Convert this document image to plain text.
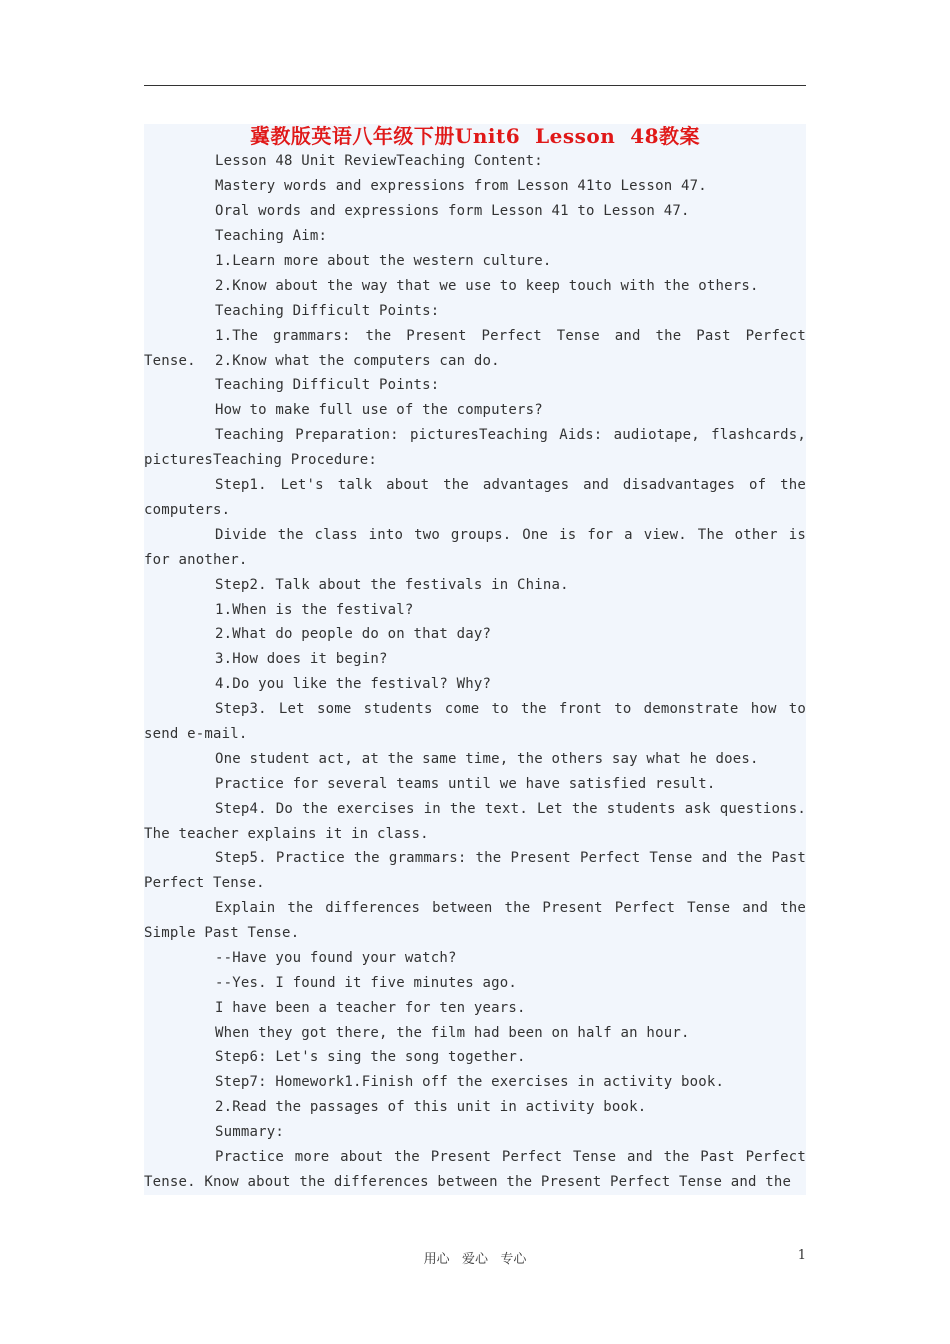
冀教版英语八年级下册Unit6  Lesson  48教案

Lesson 48 Unit ReviewTeaching Content:

Mastery words and expressions from Lesson 41to Lesson 47.

Oral words and expressions form Lesson 41 to Lesson 47.

Teaching Aim:

1.Learn more about the western culture.

2.Know about the way that we use to keep touch with the others.

Teaching Difficult Points:

1.The grammars: the Present Perfect Tense and the Past Perfect Tense.	2.Know what the computers can do.

Teaching Difficult Points:

How to make full use of the computers?

Teaching Preparation: picturesTeaching Aids: audiotape, flashcards, picturesTeaching Procedure:

Step1. Let's talk about the advantages and disadvantages of the computers.

Divide the class into two groups. One is for a view. The other is for another.

Step2. Talk about the festivals in China.

1.When is the festival?

2.What do people do on that day?

3.How does it begin?

4.Do you like the festival? Why?

Step3. Let some students come to the front to demonstrate how to send e-mail.

One student act, at the same time, the others say what he does.

Practice for several teams until we have satisfied result.

Step4. Do the exercises in the text. Let the students ask questions. The teacher explains it in class.

Step5. Practice the grammars: the Present Perfect Tense and the Past Perfect Tense.

Explain the differences between the Present Perfect Tense and the Simple Past Tense.

--Have you found your watch?

--Yes. I found it five minutes ago.

I have been a teacher for ten years.

When they got there, the film had been on half an hour.

Step6: Let's sing the song together.

Step7: Homework1.Finish off the exercises in activity book.

2.Read the passages of this unit in activity book.

Summary:

Practice more about the Present Perfect Tense and the Past Perfect Tense. Know about the differences between the Present Perfect Tense and the

用心   爱心   专心	1
